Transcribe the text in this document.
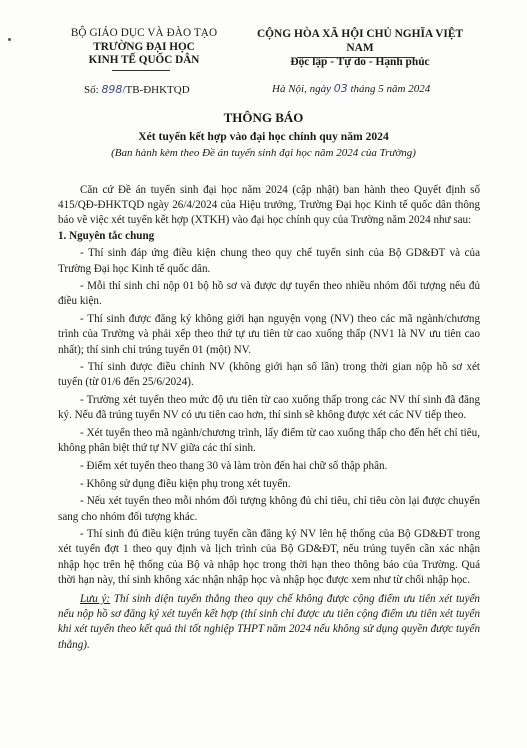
BỘ GIÁO DỤC VÀ ĐÀO TẠO
TRƯỜNG ĐẠI HỌC
KINH TẾ QUỐC DÂN
CỘNG HÒA XÃ HỘI CHỦ NGHĨA VIỆT NAM
Độc lập - Tự do - Hạnh phúc
Số: 898/TB-ĐHKTQD	Hà Nội, ngày 03 tháng 5 năm 2024
THÔNG BÁO
Xét tuyển kết hợp vào đại học chính quy năm 2024
(Ban hành kèm theo Đề án tuyển sinh đại học năm 2024 của Trường)

Căn cứ Đề án tuyển sinh đại học năm 2024 (cập nhật) ban hành theo Quyết định số 415/QĐ-ĐHKTQD ngày 26/4/2024 của Hiệu trưởng, Trường Đại học Kinh tế quốc dân thông báo về việc xét tuyển kết hợp (XTKH) vào đại học chính quy của Trường năm 2024 như sau:

1. Nguyên tắc chung

- Thí sinh đáp ứng điều kiện chung theo quy chế tuyển sinh của Bộ GD&ĐT và của Trường Đại học Kinh tế quốc dân.

- Mỗi thí sinh chỉ nộp 01 bộ hồ sơ và được dự tuyển theo nhiều nhóm đối tượng nếu đủ điều kiện.

- Thí sinh được đăng ký không giới hạn nguyện vọng (NV) theo các mã ngành/chương trình của Trường và phải xếp theo thứ tự ưu tiên từ cao xuống thấp (NV1 là NV ưu tiên cao nhất); thí sinh chỉ trúng tuyển 01 (một) NV.

- Thí sinh được điều chỉnh NV (không giới hạn số lần) trong thời gian nộp hồ sơ xét tuyển (từ 01/6 đến 25/6/2024).

- Trường xét tuyển theo mức độ ưu tiên từ cao xuống thấp trong các NV thí sinh đã đăng ký. Nếu đã trúng tuyển NV có ưu tiên cao hơn, thí sinh sẽ không được xét các NV tiếp theo.

- Xét tuyển theo mã ngành/chương trình, lấy điểm từ cao xuống thấp cho đến hết chỉ tiêu, không phân biệt thứ tự NV giữa các thí sinh.

- Điểm xét tuyển theo thang 30 và làm tròn đến hai chữ số thập phân.

- Không sử dụng điều kiện phụ trong xét tuyển.

- Nếu xét tuyển theo mỗi nhóm đối tượng không đủ chỉ tiêu, chỉ tiêu còn lại được chuyển sang cho nhóm đối tượng khác.

- Thí sinh đủ điều kiện trúng tuyển cần đăng ký NV lên hệ thống của Bộ GD&ĐT trong xét tuyển đợt 1 theo quy định và lịch trình của Bộ GD&ĐT, nếu trúng tuyển cần xác nhận nhập học trên hệ thống của Bộ và nhập học trong thời hạn theo thông báo của Trường. Quá thời hạn này, thí sinh không xác nhận nhập học và nhập học được xem như từ chối nhập học.

Lưu ý: Thí sinh diện tuyển thẳng theo quy chế không được cộng điểm ưu tiên xét tuyển nếu nộp hồ sơ đăng ký xét tuyển kết hợp (thí sinh chỉ được ưu tiên cộng điểm ưu tiên xét tuyển khi xét tuyển theo kết quả thi tốt nghiệp THPT năm 2024 nếu không sử dụng quyền được tuyển thẳng).
